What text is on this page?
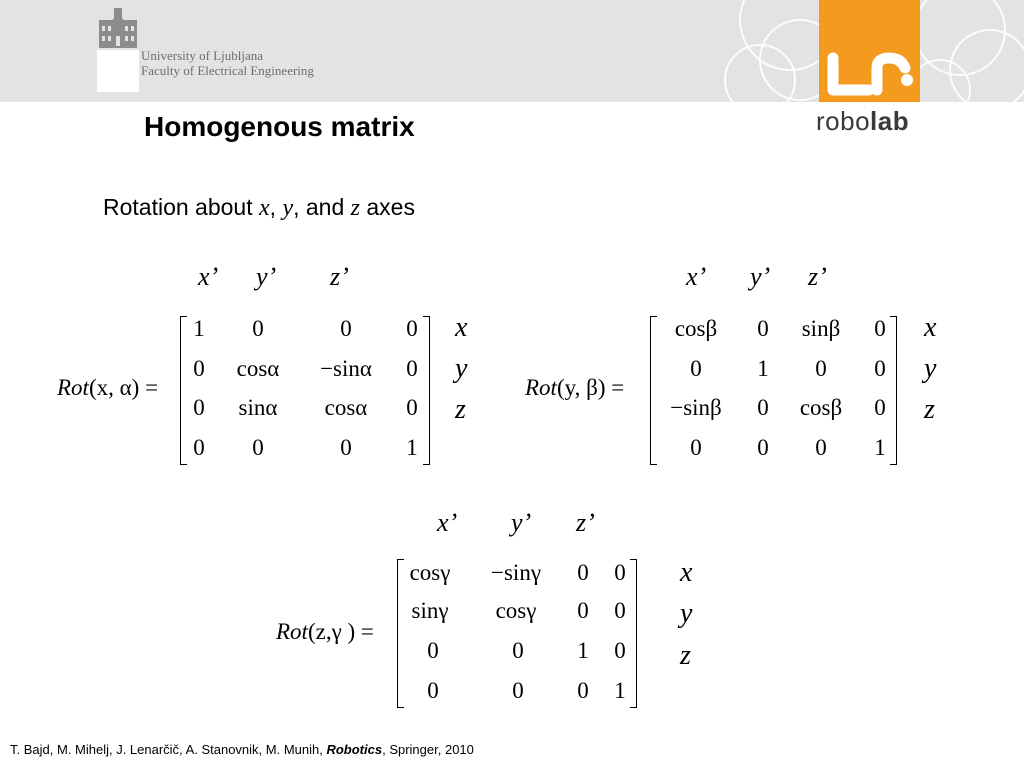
University of Ljubljana
Faculty of Electrical Engineering
robolab
Homogenous matrix
Rotation about x, y, and z axes
x’ y’ z’
Rot(x, α) =
1 0	0 0
0 cosα −sinα 0
0 sinα cosα 0
0 0	0 1
x
y
z
x’ y’ z’
Rot(y, β) =
cosβ 0 sinβ 0
0 1 0 0
−sinβ 0 cosβ 0
0 0 0 1
x
y
z
x’ y’ z’
Rot(z,γ ) =
cosγ −sinγ 0 0
sinγ cosγ 0 0
0	0 1 0
0	0 0 1
x
y
z
T. Bajd, M. Mihelj, J. Lenarčič, A. Stanovnik, M. Munih, Robotics, Springer, 2010
